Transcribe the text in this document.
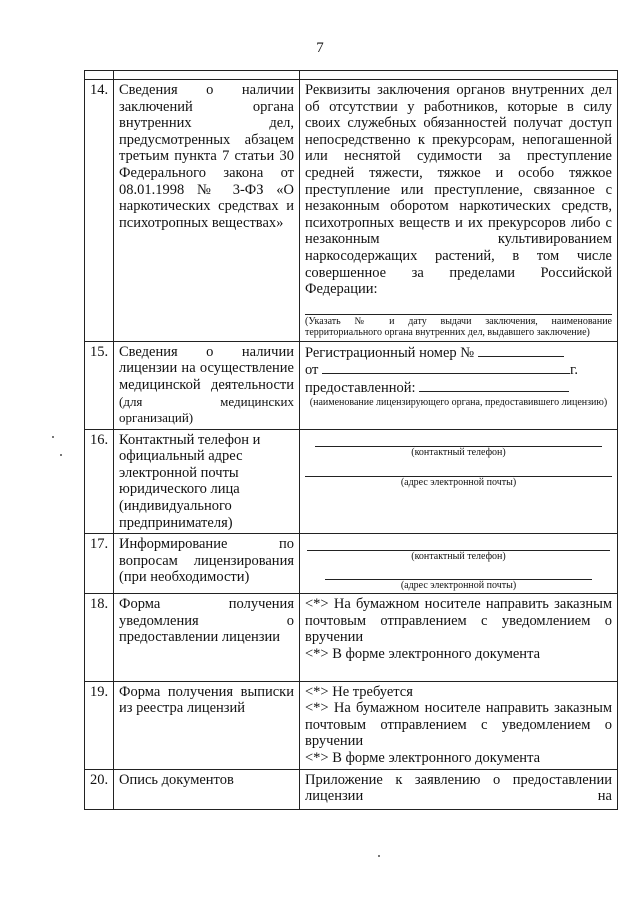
7

14.	Сведения о наличии заключений органа внутренних дел, предусмотренных абзацем третьим пункта 7 статьи 30 Федерального закона от 08.01.1998 № 3-ФЗ «О наркотических средствах и психотропных веществах»	Реквизиты заключения органов внутренних дел об отсутствии у работников, которые в силу своих служебных обязанностей получат доступ непосредственно к прекурсорам, непогашенной или неснятой судимости за преступление средней тяжести, тяжкое и особо тяжкое преступление или преступление, связанное с незаконным оборотом наркотических средств, психотропных веществ и их прекурсоров либо с незаконным культивированием наркосодержащих растений, в том числе совершенное за пределами Российской Федерации:
(Указать № и дату выдачи заключения, наименование территориального органа внутренних дел, выдавшего заключение)

15.	Сведения о наличии лицензии на осуществление медицинской деятельности (для медицинских организаций)	Регистрационный номер №
от г.
предоставленной:
(наименование лицензирующего органа, предоставившего лицензию)

16.	Контактный телефон и официальный адрес электронной почты юридического лица (индивидуального предпринимателя)	(контактный телефон)
(адрес электронной почты)

17.	Информирование по вопросам лицензирования (при необходимости)	(контактный телефон)
(адрес электронной почты)

18.	Форма получения уведомления о предоставлении лицензии	<*> На бумажном носителе направить заказным почтовым отправлением с уведомлением о вручении
<*> В форме электронного документа

19.	Форма получения выписки из реестра лицензий	<*> Не требуется
<*> На бумажном носителе направить заказным почтовым отправлением с уведомлением о вручении
<*> В форме электронного документа

20.	Опись документов	Приложение к заявлению о предоставлении лицензии на
